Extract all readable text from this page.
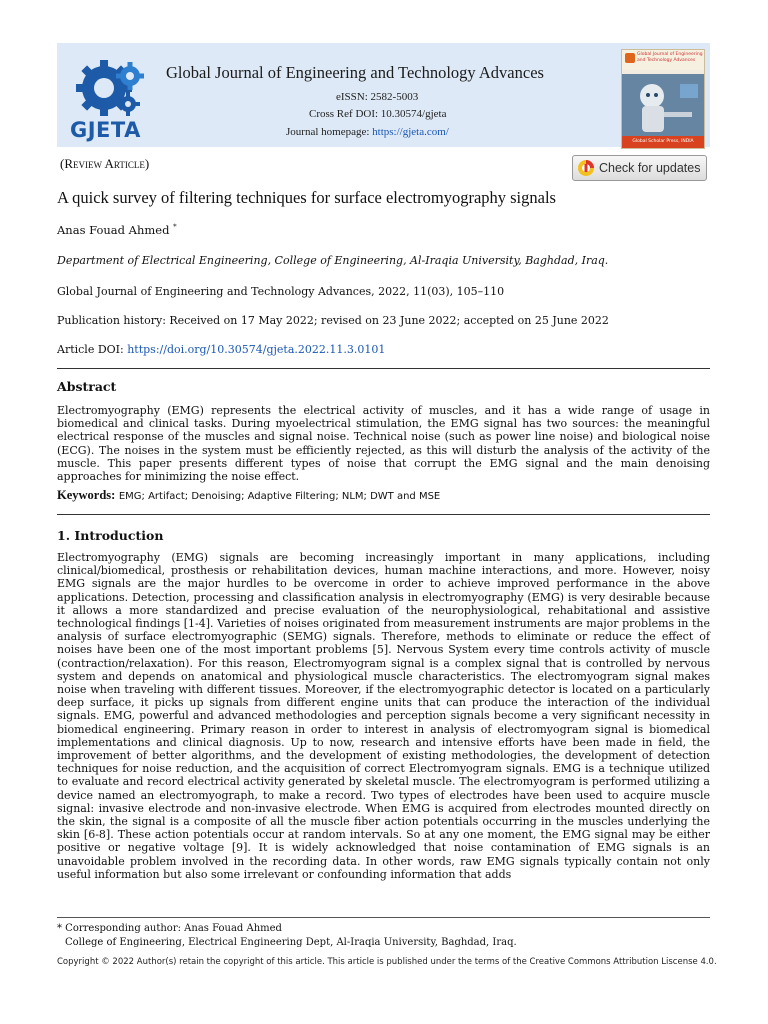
GJETA
Global Journal of Engineering and Technology Advances
eISSN: 2582-5003
Cross Ref DOI: 10.30574/gjeta
Journal homepage: https://gjeta.com/
Global Journal of Engineering and Technology Advances
Global Scholar Press, INDIA
(Review Article)	Check for updates
A quick survey of filtering techniques for surface electromyography signals
Anas Fouad Ahmed *
Department of Electrical Engineering, College of Engineering, Al-Iraqia University, Baghdad, Iraq.
Global Journal of Engineering and Technology Advances, 2022, 11(03), 105–110
Publication history: Received on 17 May 2022; revised on 23 June 2022; accepted on 25 June 2022
Article DOI: https://doi.org/10.30574/gjeta.2022.11.3.0101
Abstract
Electromyography (EMG) represents the electrical activity of muscles, and it has a wide range of usage in biomedical and clinical tasks. During myoelectrical stimulation, the EMG signal has two sources: the meaningful electrical response of the muscles and signal noise. Technical noise (such as power line noise) and biological noise (ECG). The noises in the system must be efficiently rejected, as this will disturb the analysis of the activity of the muscle. This paper presents different types of noise that corrupt the EMG signal and the main denoising approaches for minimizing the noise effect.
Keywords: EMG; Artifact; Denoising; Adaptive Filtering; NLM; DWT and MSE
1. Introduction
Electromyography (EMG) signals are becoming increasingly important in many applications, including clinical/biomedical, prosthesis or rehabilitation devices, human machine interactions, and more. However, noisy EMG signals are the major hurdles to be overcome in order to achieve improved performance in the above applications. Detection, processing and classification analysis in electromyography (EMG) is very desirable because it allows a more standardized and precise evaluation of the neurophysiological, rehabitational and assistive technological findings [1-4]. Varieties of noises originated from measurement instruments are major problems in the analysis of surface electromyographic (SEMG) signals. Therefore, methods to eliminate or reduce the effect of noises have been one of the most important problems [5]. Nervous System every time controls activity of muscle (contraction/relaxation). For this reason, Electromyogram signal is a complex signal that is controlled by nervous system and depends on anatomical and physiological muscle characteristics. The electromyogram signal makes noise when traveling with different tissues. Moreover, if the electromyographic detector is located on a particularly deep surface, it picks up signals from different engine units that can produce the interaction of the individual signals. EMG, powerful and advanced methodologies and perception signals become a very significant necessity in biomedical engineering. Primary reason in order to interest in analysis of electromyogram signal is biomedical implementations and clinical diagnosis. Up to now, research and intensive efforts have been made in field, the improvement of better algorithms, and the development of existing methodologies, the development of detection techniques for noise reduction, and the acquisition of correct Electromyogram signals. EMG is a technique utilized to evaluate and record electrical activity generated by skeletal muscle. The electromyogram is performed utilizing a device named an electromyograph, to make a record. Two types of electrodes have been used to acquire muscle signal: invasive electrode and non-invasive electrode. When EMG is acquired from electrodes mounted directly on the skin, the signal is a composite of all the muscle fiber action potentials occurring in the muscles underlying the skin [6-8]. These action potentials occur at random intervals. So at any one moment, the EMG signal may be either positive or negative voltage [9]. It is widely acknowledged that noise contamination of EMG signals is an unavoidable problem involved in the recording data. In other words, raw EMG signals typically contain not only useful information but also some irrelevant or confounding information that adds
* Corresponding author: Anas Fouad Ahmed
College of Engineering, Electrical Engineering Dept, Al-Iraqia University, Baghdad, Iraq.
Copyright © 2022 Author(s) retain the copyright of this article. This article is published under the terms of the Creative Commons Attribution Liscense 4.0.
